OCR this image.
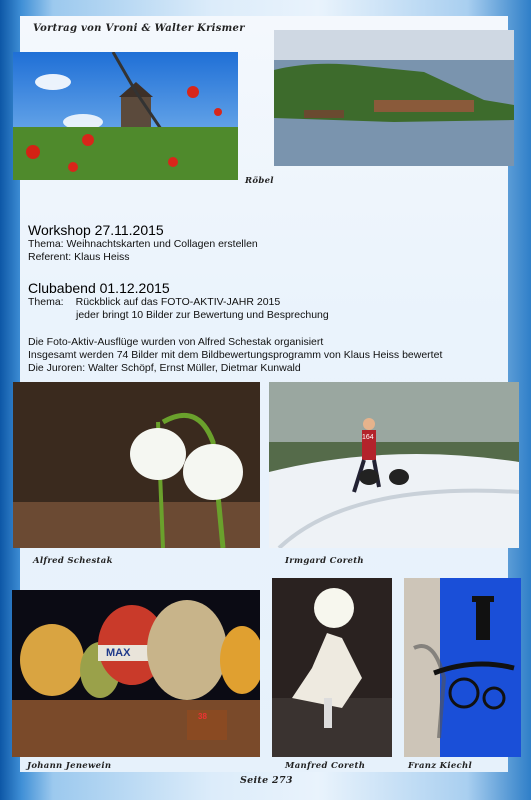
Vortrag von Vroni & Walter Krismer
Röbel
Workshop 27.11.2015
Thema: Weihnachtskarten und Collagen erstellen
Referent: Klaus Heiss
Clubabend 01.12.2015
Thema: Rückblick auf das FOTO-AKTIV-JAHR 2015
jeder bringt 10 Bilder zur Bewertung und Besprechung
Die Foto-Aktiv-Ausflüge wurden von Alfred Schestak organisiert
Insgesamt werden 74 Bilder mit dem Bildbewertungsprogramm von Klaus Heiss bewertet
Die Juroren: Walter Schöpf, Ernst Müller, Dietmar Kunwald
164
Alfred Schestak	Irmgard Coreth
MAX
38
Johann Jenewein	Manfred Coreth	Franz Kiechl
Seite 273
